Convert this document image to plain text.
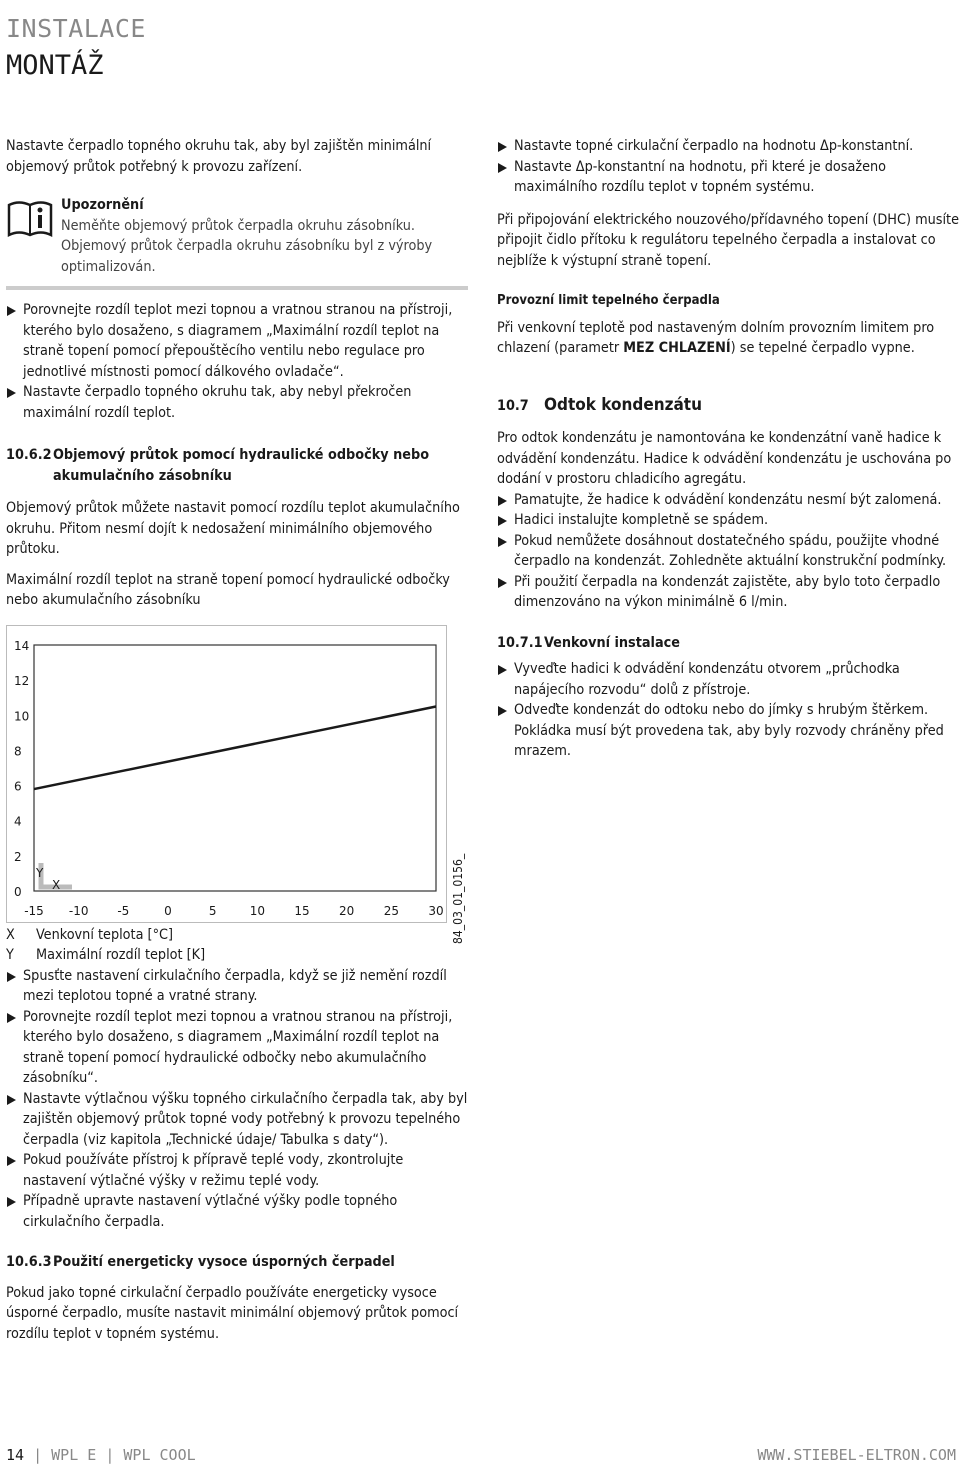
INSTALACE
MONTÁŽ

Nastavte čerpadlo topného okruhu tak, aby byl zajištěn minimální objemový průtok potřebný k provozu zařízení.

Upozornění

Neměňte objemový průtok čerpadla okruhu zásobníku.

Objemový průtok čerpadla okruhu zásobníku byl z výroby optimalizován.

Porovnejte rozdíl teplot mezi topnou a vratnou stranou na přístroji, kterého bylo dosaženo, s diagramem „Maximální rozdíl teplot na straně topení pomocí přepouštěcího ventilu nebo regulace pro jednotlivé místnosti pomocí dálkového ovladače“.

Nastavte čerpadlo topného okruhu tak, aby nebyl překročen maximální rozdíl teplot.

10.6.2Objemový průtok pomocí hydraulické odbočky nebo akumulačního zásobníku

Objemový průtok můžete nastavit pomocí rozdílu teplot akumulačního okruhu. Přitom nesmí dojít k nedosažení minimálního objemového průtoku.

Maximální rozdíl teplot na straně topení pomocí hydraulické odbočky nebo akumulačního zásobníku

0
2
4
6
8
10
12
14
-15 -10 -5	0	5	10 15 20 25 30
Y
X
X	Venkovní teplota [°C]
Y	Maximální rozdíl teplot [K]

Spusťte nastavení cirkulačního čerpadla, když se již nemění rozdíl mezi teplotou topné a vratné strany.

Porovnejte rozdíl teplot mezi topnou a vratnou stranou na přístroji, kterého bylo dosaženo, s diagramem „Maximální rozdíl teplot na straně topení pomocí hydraulické odbočky nebo akumulačního zásobníku“.

Nastavte výtlačnou výšku topného cirkulačního čerpadla tak, aby byl zajištěn objemový průtok topné vody potřebný k provozu tepelného čerpadla (viz kapitola „Technické údaje/ Tabulka s daty“).

Pokud používáte přístroj k přípravě teplé vody, zkontrolujte nastavení výtlačné výšky v režimu teplé vody.

Případně upravte nastavení výtlačné výšky podle topného cirkulačního čerpadla.

10.6.3Použití energeticky vysoce úsporných čerpadel

Pokud jako topné cirkulační čerpadlo používáte energeticky vysoce úsporné čerpadlo, musíte nastavit minimální objemový průtok pomocí rozdílu teplot v topném systému.

84_03_01_0156_

Nastavte topné cirkulační čerpadlo na hodnotu Δp-konstantní.

Nastavte Δp-konstantní na hodnotu, při které je dosaženo maximálního rozdílu teplot v topném systému.

Při připojování elektrického nouzového/přídavného topení (DHC) musíte připojit čidlo přítoku k regulátoru tepelného čerpadla a instalovat co nejblíže k výstupní straně topení.

Provozní limit tepelného čerpadla

Při venkovní teplotě pod nastaveným dolním provozním limitem pro chlazení (parametr MEZ CHLAZENÍ) se tepelné čerpadlo vypne.

10.7 Odtok kondenzátu

Pro odtok kondenzátu je namontována ke kondenzátní vaně hadice k odvádění kondenzátu. Hadice k odvádění kondenzátu je uschována po dodání v prostoru chladicího agregátu.

Pamatujte, že hadice k odvádění kondenzátu nesmí být zalomená.

Hadici instalujte kompletně se spádem.

Pokud nemůžete dosáhnout dostatečného spádu, použijte vhodné čerpadlo na kondenzát. Zohledněte aktuální konstrukční podmínky.

Při použití čerpadla na kondenzát zajistěte, aby bylo toto čerpadlo dimenzováno na výkon minimálně 6 l/min.

10.7.1Venkovní instalace

Vyveďte hadici k odvádění kondenzátu otvorem „průchodka napájecího rozvodu“ dolů z přístroje.

Odveďte kondenzát do odtoku nebo do jímky s hrubým štěrkem. Pokládka musí být provedena tak, aby byly rozvody chráněny před mrazem.

14 | WPL E | WPL COOL	WWW.STIEBEL-ELTRON.COM
